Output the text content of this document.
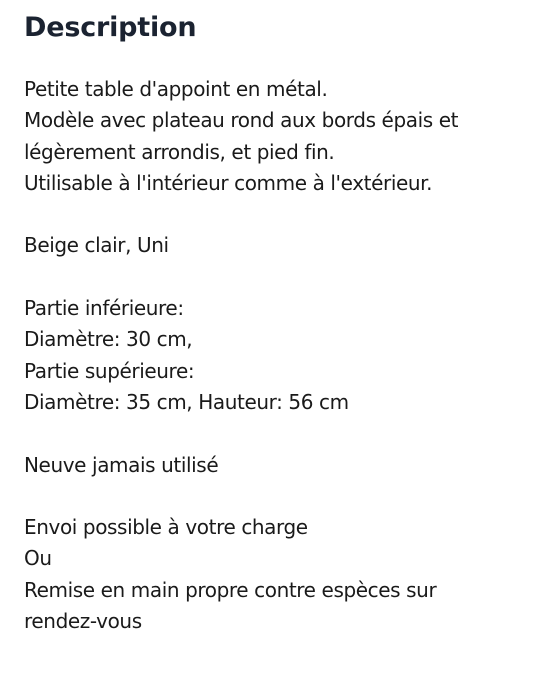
Description
Petite table d'appoint en métal.
Modèle avec plateau rond aux bords épais et
légèrement arrondis, et pied fin.
Utilisable à l'intérieur comme à l'extérieur.
Beige clair, Uni
Partie inférieure:
Diamètre: 30 cm,
Partie supérieure:
Diamètre: 35 cm, Hauteur: 56 cm
Neuve jamais utilisé
Envoi possible à votre charge
Ou
Remise en main propre contre espèces sur
rendez-vous
